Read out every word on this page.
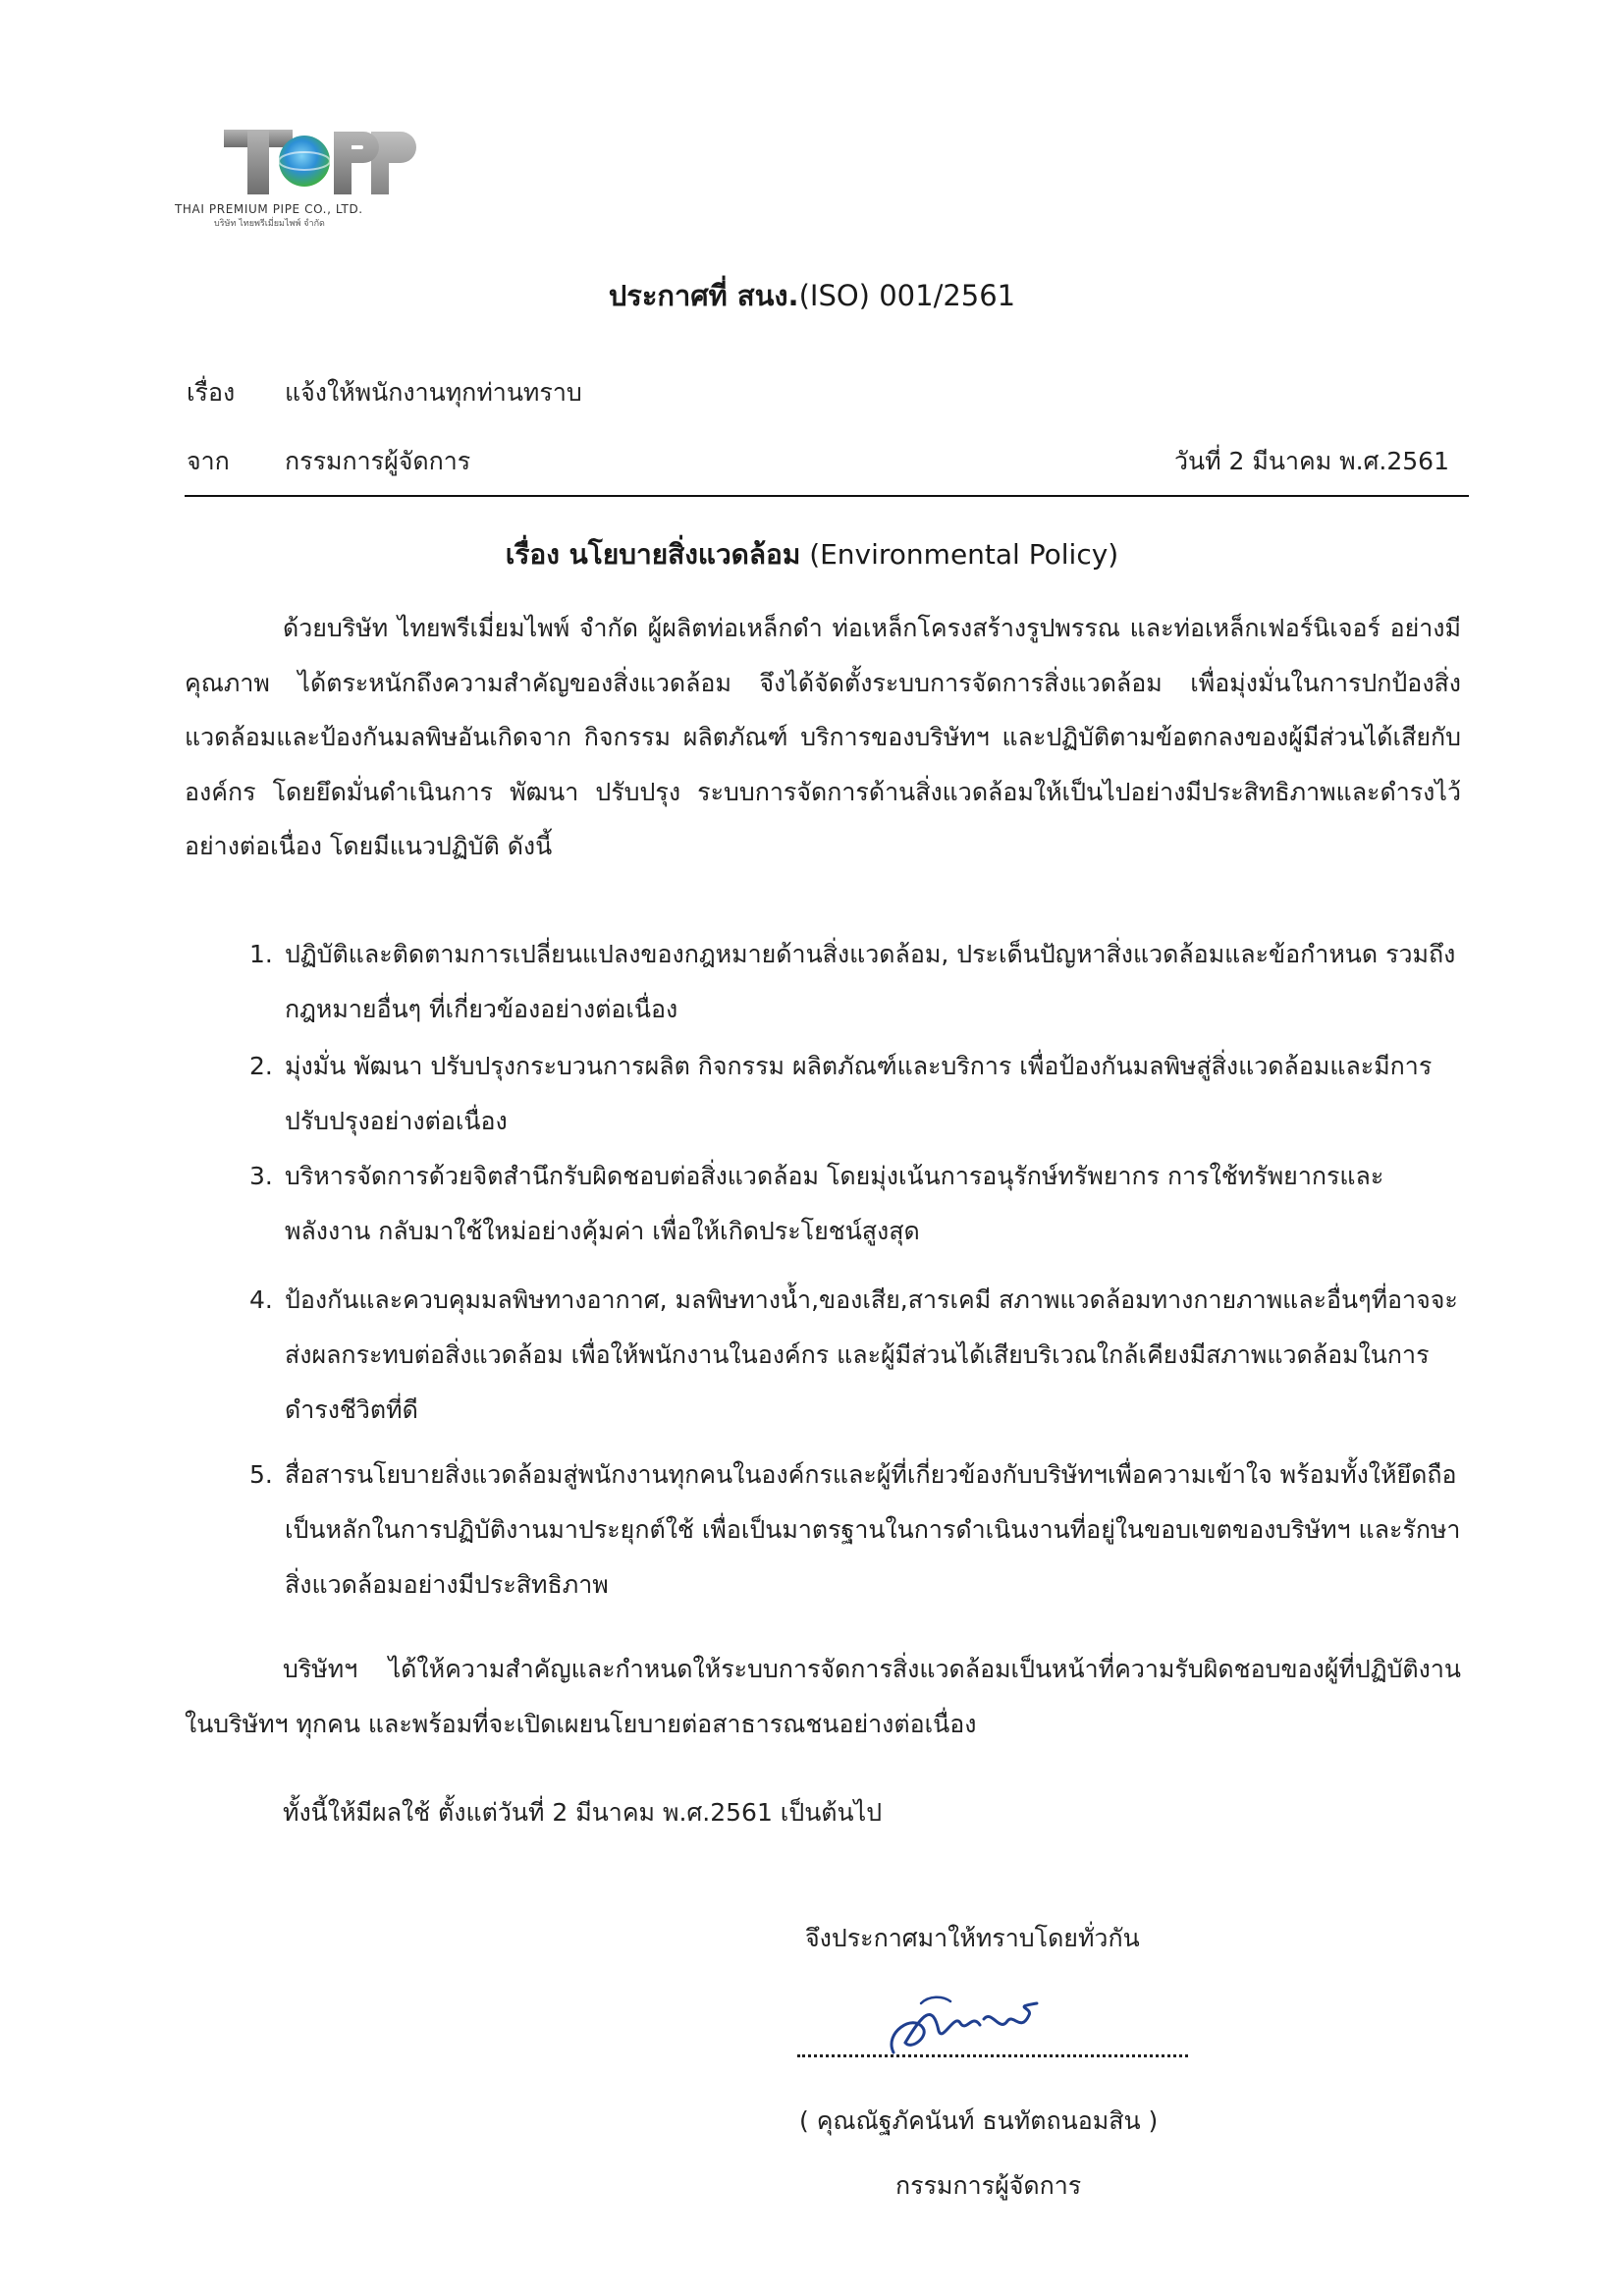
THAI PREMIUM PIPE CO., LTD.
บริษัท ไทยพรีเมี่ยมไพพ์ จำกัด
ประกาศที่ สนง.(ISO) 001/2561
เรื่อง แจ้งให้พนักงานทุกท่านทราบ
จาก กรรมการผู้จัดการ	วันที่ 2 มีนาคม พ.ศ.2561
เรื่อง นโยบายสิ่งแวดล้อม (Environmental Policy)
ด้วยบริษัท ไทยพรีเมี่ยมไพพ์ จำกัด ผู้ผลิตท่อเหล็กดำ ท่อเหล็กโครงสร้างรูปพรรณ และท่อเหล็กเฟอร์นิเจอร์ อย่างมีคุณภาพ ได้ตระหนักถึงความสำคัญของสิ่งแวดล้อม จึงได้จัดตั้งระบบการจัดการสิ่งแวดล้อม เพื่อมุ่งมั่นในการปกป้องสิ่งแวดล้อมและป้องกันมลพิษอันเกิดจาก กิจกรรม ผลิตภัณฑ์ บริการของบริษัทฯ และปฏิบัติตามข้อตกลงของผู้มีส่วนได้เสียกับองค์กร โดยยึดมั่นดำเนินการ พัฒนา ปรับปรุง ระบบการจัดการด้านสิ่งแวดล้อมให้เป็นไปอย่างมีประสิทธิภาพและดำรงไว้อย่างต่อเนื่อง โดยมีแนวปฏิบัติ ดังนี้
1. ปฏิบัติและติดตามการเปลี่ยนแปลงของกฎหมายด้านสิ่งแวดล้อม, ประเด็นปัญหาสิ่งแวดล้อมและข้อกำหนด รวมถึงกฎหมายอื่นๆ ที่เกี่ยวข้องอย่างต่อเนื่อง
2. มุ่งมั่น พัฒนา ปรับปรุงกระบวนการผลิต กิจกรรม ผลิตภัณฑ์และบริการ เพื่อป้องกันมลพิษสู่สิ่งแวดล้อมและมีการปรับปรุงอย่างต่อเนื่อง
3. บริหารจัดการด้วยจิตสำนึกรับผิดชอบต่อสิ่งแวดล้อม โดยมุ่งเน้นการอนุรักษ์ทรัพยากร การใช้ทรัพยากรและพลังงาน กลับมาใช้ใหม่อย่างคุ้มค่า เพื่อให้เกิดประโยชน์สูงสุด
4. ป้องกันและควบคุมมลพิษทางอากาศ, มลพิษทางน้ำ,ของเสีย,สารเคมี สภาพแวดล้อมทางกายภาพและอื่นๆที่อาจจะส่งผลกระทบต่อสิ่งแวดล้อม เพื่อให้พนักงานในองค์กร และผู้มีส่วนได้เสียบริเวณใกล้เคียงมีสภาพแวดล้อมในการดำรงชีวิตที่ดี
5. สื่อสารนโยบายสิ่งแวดล้อมสู่พนักงานทุกคนในองค์กรและผู้ที่เกี่ยวข้องกับบริษัทฯเพื่อความเข้าใจ พร้อมทั้งให้ยึดถือเป็นหลักในการปฏิบัติงานมาประยุกต์ใช้ เพื่อเป็นมาตรฐานในการดำเนินงานที่อยู่ในขอบเขตของบริษัทฯ และรักษาสิ่งแวดล้อมอย่างมีประสิทธิภาพ
บริษัทฯ ได้ให้ความสำคัญและกำหนดให้ระบบการจัดการสิ่งแวดล้อมเป็นหน้าที่ความรับผิดชอบของผู้ที่ปฏิบัติงานในบริษัทฯ ทุกคน และพร้อมที่จะเปิดเผยนโยบายต่อสาธารณชนอย่างต่อเนื่อง
ทั้งนี้ให้มีผลใช้ ตั้งแต่วันที่ 2 มีนาคม พ.ศ.2561 เป็นต้นไป
จึงประกาศมาให้ทราบโดยทั่วกัน
( คุณณัฐภัคนันท์ ธนทัตถนอมสิน )
กรรมการผู้จัดการ
